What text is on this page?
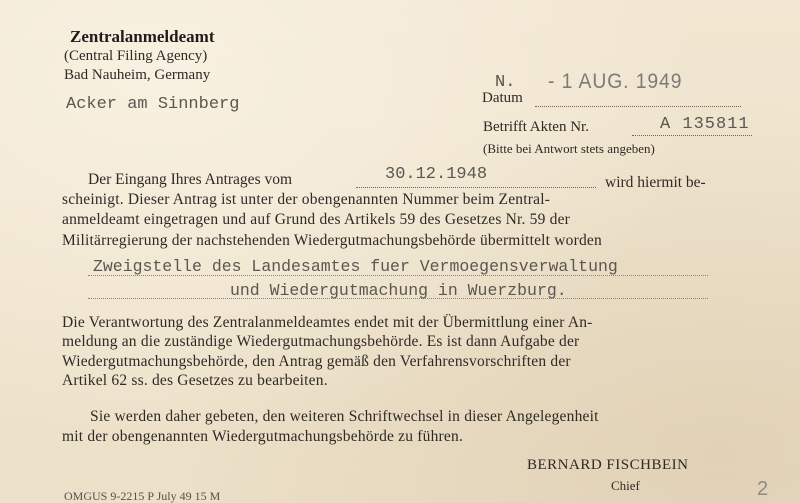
Zentralanmeldeamt
(Central Filing Agency)
Bad Nauheim, Germany
Acker am Sinnberg
N. - 1 AUG. 1949
Datum
Betrifft Akten Nr.	A 135811
(Bitte bei Antwort stets angeben)
Der Eingang Ihres Antrages vom	30.12.1948	wird hiermit be-
scheinigt. Dieser Antrag ist unter der obengenannten Nummer beim Zentral-
anmeldeamt eingetragen und auf Grund des Artikels 59 des Gesetzes Nr. 59 der
Militärregierung der nachstehenden Wiedergutmachungsbehörde übermittelt worden
Zweigstelle des Landesamtes fuer Vermoegensverwaltung
und Wiedergutmachung in Wuerzburg.
Die Verantwortung des Zentralanmeldeamtes endet mit der Übermittlung einer An-
meldung an die zuständige Wiedergutmachungsbehörde. Es ist dann Aufgabe der
Wiedergutmachungsbehörde, den Antrag gemäß den Verfahrensvorschriften der
Artikel 62 ss. des Gesetzes zu bearbeiten.
Sie werden daher gebeten, den weiteren Schriftwechsel in dieser Angelegenheit
mit der obengenannten Wiedergutmachungsbehörde zu führen.
BERNARD FISCHBEIN
Chief
OMGUS 9-2215 P July 49 15 M	2
